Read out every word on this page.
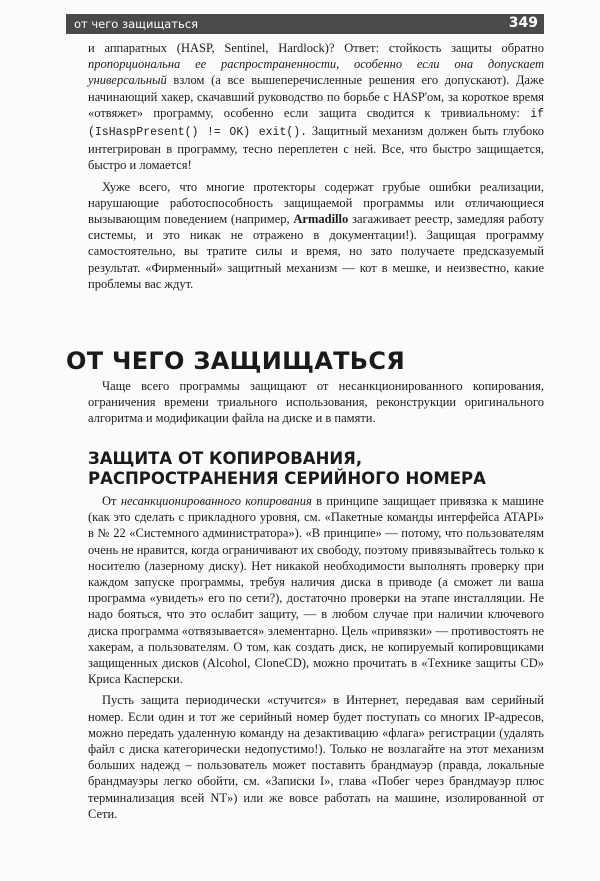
от чего защищаться	349

и аппаратных (HASP, Sentinel, Hardlock)? Ответ: стойкость защиты обратно пропорциональна ее распространенности, особенно если она допускает универсальный взлом (а все вышеперечисленные решения его допускают). Даже начинающий хакер, скачавший руководство по борьбе с HASP'ом, за короткое время «отвяжет» программу, особенно если защита сводится к тривиальному: if (IsHaspPresent() != OK) exit(). Защитный механизм должен быть глубоко интегрирован в программу, тесно переплетен с ней. Все, что быстро защищается, быстро и ломается!

Хуже всего, что многие протекторы содержат грубые ошибки реализации, нарушающие работоспособность защищаемой программы или отличающиеся вызывающим поведением (например, Armadillo загаживает реестр, замедляя работу системы, и это никак не отражено в документации!). Защищая программу самостоятельно, вы тратите силы и время, но зато получаете предсказуемый результат. «Фирменный» защитный механизм — кот в мешке, и неизвестно, какие проблемы вас ждут.

ОТ ЧЕГО ЗАЩИЩАТЬСЯ

Чаще всего программы защищают от несанкционированного копирования, ограничения времени триального использования, реконструкции оригинального алгоритма и модификации файла на диске и в памяти.

ЗАЩИТА ОТ КОПИРОВАНИЯ, РАСПРОСТРАНЕНИЯ СЕРИЙНОГО НОМЕРА

От несанкционированного копирования в принципе защищает привязка к машине (как это сделать с прикладного уровня, см. «Пакетные команды интерфейса ATAPI» в № 22 «Системного администратора»). «В принципе» — потому, что пользователям очень не нравится, когда ограничивают их свободу, поэтому привязывайтесь только к носителю (лазерному диску). Нет никакой необходимости выполнять проверку при каждом запуске программы, требуя наличия диска в приводе (а сможет ли ваша программа «увидеть» его по сети?), достаточно проверки на этапе инсталляции. Не надо бояться, что это ослабит защиту, — в любом случае при наличии ключевого диска программа «отвязывается» элементарно. Цель «привязки» — противостоять не хакерам, а пользователям. О том, как создать диск, не копируемый копировщиками защищенных дисков (Alcohol, CloneCD), можно прочитать в «Технике защиты CD» Криса Касперски.

Пусть защита периодически «стучится» в Интернет, передавая вам серийный номер. Если один и тот же серийный номер будет поступать со многих IP-адресов, можно передать удаленную команду на дезактивацию «флага» регистрации (удалять файл с диска категорически недопустимо!). Только не возлагайте на этот механизм больших надежд – пользователь может поставить брандмауэр (правда, локальные брандмауэры легко обойти, см. «Записки I», глава «Побег через брандмауэр плюс терминализация всей NT») или же вовсе работать на машине, изолированной от Сети.
